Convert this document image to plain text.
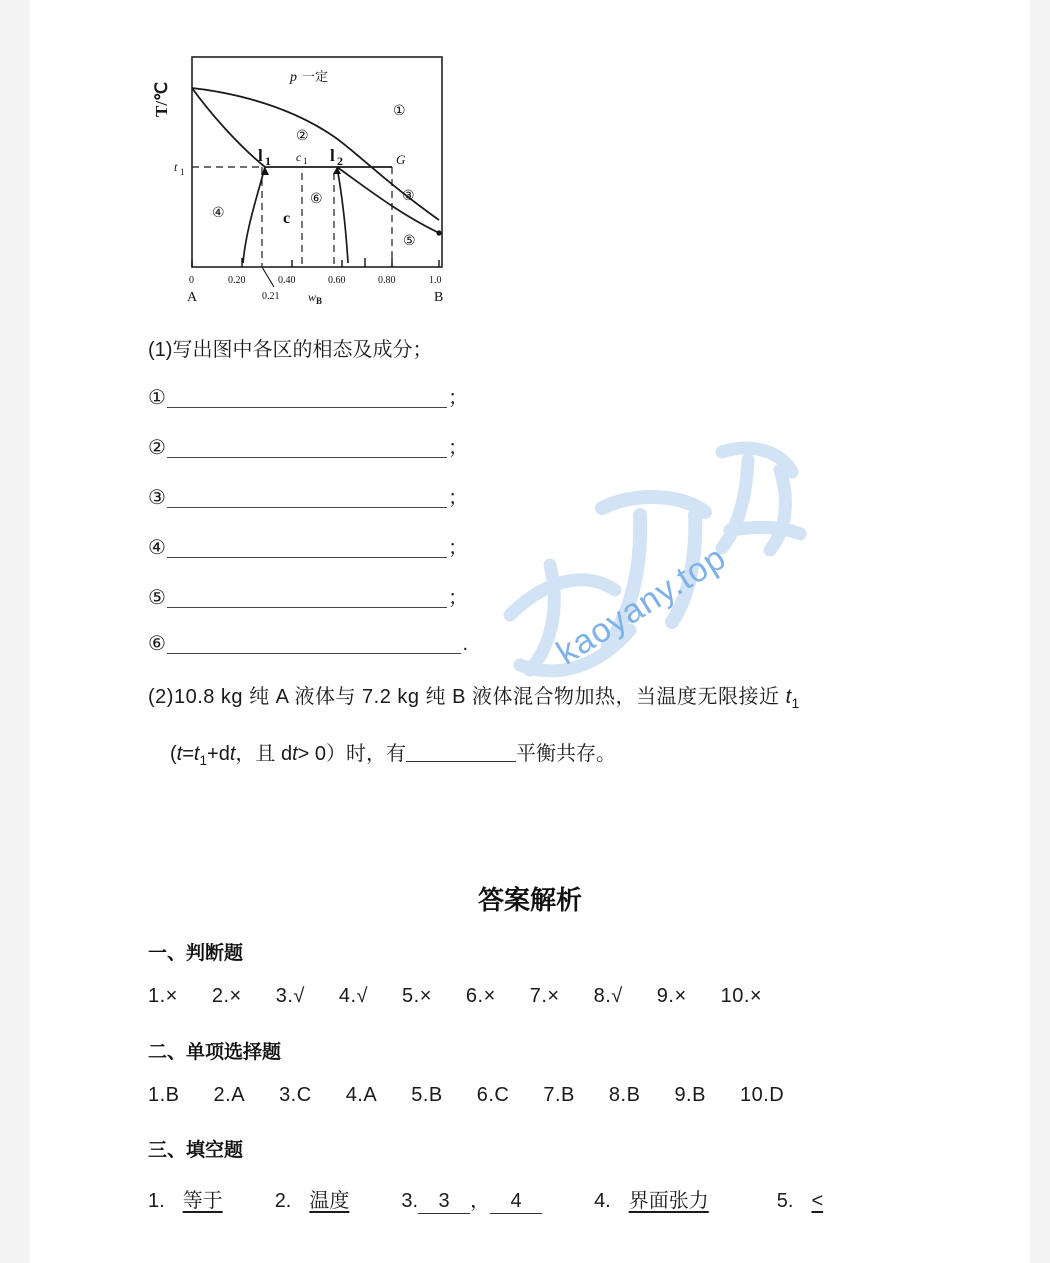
kaoyany.top
T/℃
p 一定
0	0.20	0.40	0.60	0.80	1.0
0.21
A	B
w B
t 1
l 1 c 1 l 2	G
c
①
②
③
④
⑤
⑥
(1)写出图中各区的相态及成分；
①	；
②	；
③	；
④	；
⑤	；
⑥	.
(2)10.8 kg 纯 A 液体与 7.2 kg 纯 B 液体混合物加热，当温度无限接近 $t_1$
($t=t_1+dt$，且 dt> 0）时，有	平衡共存。
答案解析
一、判断题
1.× 2.× 3.√ 4.√ 5.× 6.× 7.× 8.√ 9.× 10.×
二、单项选择题
1.B 2.A 3.C 4.A 5.B 6.C 7.B 8.B 9.B 10.D
三、填空题
1. 等于	2. 温度	3. 3 ， 4	4. 界面张力	5. <
